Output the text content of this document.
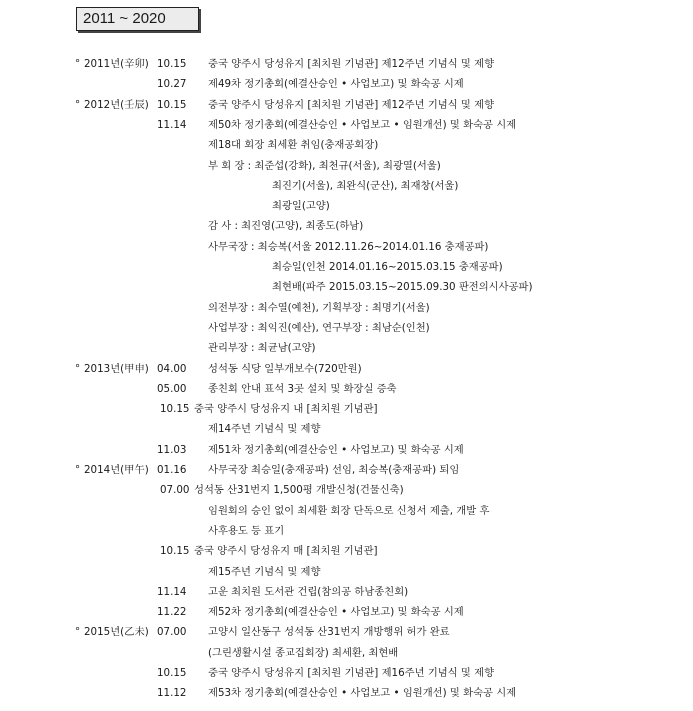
2011 ~ 2020
° 2011년(辛卯) 10.15	중국 양주시 당성유지 [최치원 기념관] 제12주년 기념식 및 제향
10.27	제49차 정기총회(예결산승인 • 사업보고) 및 화숙공 시제
° 2012년(壬辰) 10.15	중국 양주시 당성유지 [최치원 기념관] 제12주년 기념식 및 제향
11.14	제50차 정기총회(예결산승인 • 사업보고 • 임원개선) 및 화숙공 시제
제18대 회장 최세환 취임(충재공회장)
부 회 장 : 최준섭(강화), 최천규(서울), 최광열(서울)
최진기(서울), 최완식(군산), 최재창(서울)
최광일(고양)
감 사 : 최진영(고양), 최종도(하남)
사무국장 : 최승복(서울 2012.11.26~2014.01.16 충재공파)
최승일(인천 2014.01.16~2015.03.15 충재공파)
최현배(파주 2015.03.15~2015.09.30 판전의시사공파)
의전부장 : 최수열(예천), 기획부장 : 최명기(서울)
사업부장 : 최익진(예산), 연구부장 : 최남순(인천)
관리부장 : 최균남(고양)
° 2013년(甲申) 04.00	성석동 식당 일부개보수(720만원)
05.00	종친회 안내 표석 3곳 설치 및 화장실 증축
10.15 중국 양주시 당성유지 내 [최치원 기념관]
제14주년 기념식 및 제향
11.03	제51차 정기총회(예결산승인 • 사업보고) 및 화숙공 시제
° 2014년(甲午) 01.16	사무국장 최승일(충재공파) 선임, 최승복(충재공파) 퇴임
07.00 성석동 산31번지 1,500평 개발신청(건물신축)
임원회의 승인 없이 최세환 회장 단독으로 신청서 제출, 개발 후
사후용도 등 표기
10.15 중국 양주시 당성유지 매 [최치원 기념관]
제15주년 기념식 및 제향
11.14	고운 최치원 도서관 건립(참의공 하남종친회)
11.22	제52차 정기총회(예결산승인 • 사업보고) 및 화숙공 시제
° 2015년(乙未) 07.00	고양시 일산동구 성석동 산31번지 개방행위 허가 완료
(그린생활시설 종교집회장) 최세환, 최현배
10.15	중국 양주시 당성유지 [최치원 기념관] 제16주년 기념식 및 제향
11.12	제53차 정기총회(예결산승인 • 사업보고 • 임원개선) 및 화숙공 시제
